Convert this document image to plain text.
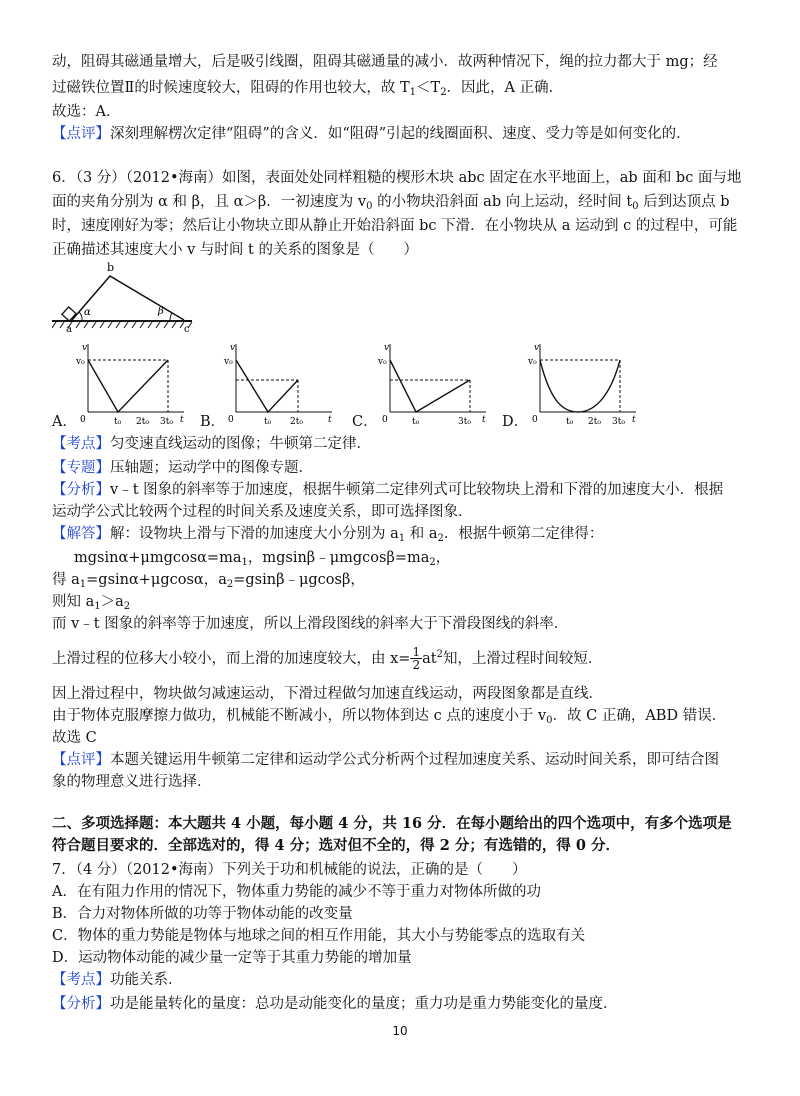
动，阻碍其磁通量增大，后是吸引线圈，阻碍其磁通量的减小．故两种情况下，绳的拉力都大于 mg；经
过磁铁位置Ⅱ的时候速度较大，阻碍的作用也较大，故 $T_1<T_2$．因此，A 正确．
故选：A．
【点评】深刻理解楞次定律“阻碍”的含义．如“阻碍”引起的线圈面积、速度、受力等是如何变化的．
6．（3 分）（2012•海南）如图，表面处处同样粗糙的楔形木块 abc 固定在水平地面上，ab 面和 bc 面与地
面的夹角分别为 α 和 β，且 α＞β．一初速度为 $v_0$ 的小物块沿斜面 ab 向上运动，经时间 $t_0$ 后到达顶点 b
时，速度刚好为零；然后让小物块立即从静止开始沿斜面 bc 下滑．在小物块从 a 运动到 c 的过程中，可能
正确描述其速度大小 v 与时间 t 的关系的图象是（　　）
b
a	c
α	β
v
v₀
0	t
t₀ 2t₀ 3t₀
A．
v
v₀
0	t
t₀ 2t₀
B．
v
v₀
0	t
t₀	3t₀
C．
v
v₀
0	t
t₀ 2t₀ 3t₀
D．
【考点】匀变速直线运动的图像；牛顿第二定律．
【专题】压轴题；运动学中的图像专题．
【分析】v﹣t 图象的斜率等于加速度，根据牛顿第二定律列式可比较物块上滑和下滑的加速度大小．根据
运动学公式比较两个过程的时间关系及速度关系，即可选择图象．
【解答】解：设物块上滑与下滑的加速度大小分别为 $a_1$ 和 $a_2$．根据牛顿第二定律得：
$mgsin\alpha+\mu mgcos\alpha=ma_1$，$mgsin\beta﹣\mu mgcos\beta=ma_2$，
得 $a_1=gsin\alpha+\mu gcos\alpha$，$a_2=gsin\beta﹣\mu gcos\beta$，
则知 $a_1>a_2$
而 v﹣t 图象的斜率等于加速度，所以上滑段图线的斜率大于下滑段图线的斜率．
上滑过程的位移大小较小，而上滑的加速度较大，由 $x= \frac{1}{2} at^2$知，上滑过程时间较短．
因上滑过程中，物块做匀减速运动，下滑过程做匀加速直线运动，两段图象都是直线．
由于物体克服摩擦力做功，机械能不断减小，所以物体到达 c 点的速度小于 $v_0$．故 C 正确，ABD 错误．
故选 C
【点评】本题关键运用牛顿第二定律和运动学公式分析两个过程加速度关系、运动时间关系，即可结合图
象的物理意义进行选择．
二、多项选择题：本大题共 4 小题，每小题 4 分，共 16 分．在每小题给出的四个选项中，有多个选项是
符合题目要求的．全部选对的，得 4 分；选对但不全的，得 2 分；有选错的，得 0 分．
7．（4 分）（2012•海南）下列关于功和机械能的说法，正确的是（　　）
A．在有阻力作用的情况下，物体重力势能的减少不等于重力对物体所做的功
B．合力对物体所做的功等于物体动能的改变量
C．物体的重力势能是物体与地球之间的相互作用能，其大小与势能零点的选取有关
D．运动物体动能的减少量一定等于其重力势能的增加量
【考点】功能关系．
【分析】功是能量转化的量度：总功是动能变化的量度；重力功是重力势能变化的量度．
10
